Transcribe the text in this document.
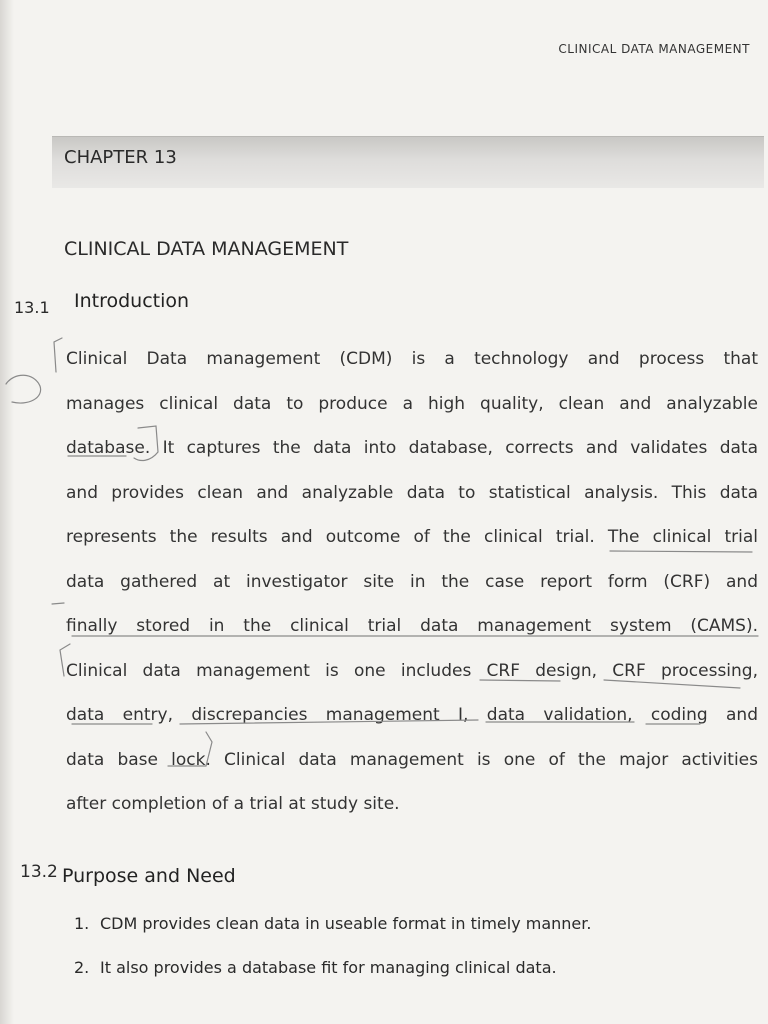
CLINICAL DATA MANAGEMENT
CHAPTER 13
CLINICAL DATA MANAGEMENT
13.1 Introduction
Clinical Data management (CDM) is a technology and process that
manages clinical data to produce a high quality, clean and analyzable
database. It captures the data into database, corrects and validates data
and provides clean and analyzable data to statistical analysis. This data
represents the results and outcome of the clinical trial. The clinical trial
data gathered at investigator site in the case report form (CRF) and
finally stored in the clinical trial data management system (CAMS).
Clinical data management is one includes CRF design, CRF processing,
data entry, discrepancies management I, data validation, coding and
data base lock. Clinical data management is one of the major activities
after completion of a trial at study site.
13.2 Purpose and Need
1. CDM provides clean data in useable format in timely manner.
2. It also provides a database fit for managing clinical data.
